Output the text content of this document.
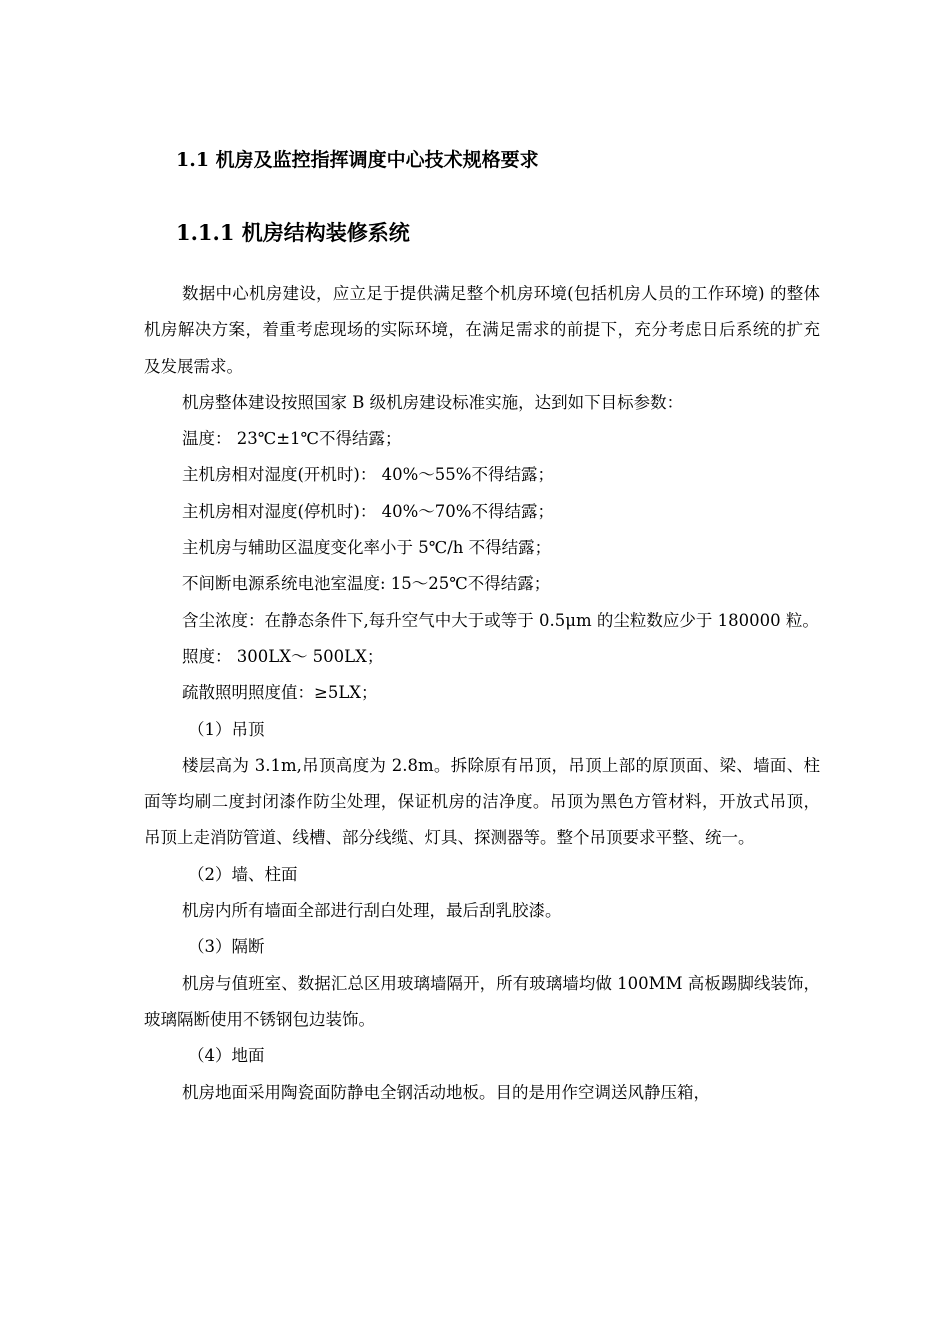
1.1 机房及监控指挥调度中心技术规格要求
1.1.1 机房结构装修系统

数据中心机房建设，应立足于提供满足整个机房环境(包括机房人员的工作环境) 的整体机房解决方案，着重考虑现场的实际环境，在满足需求的前提下，充分考虑日后系统的扩充及发展需求。

机房整体建设按照国家 B 级机房建设标准实施，达到如下目标参数：

温度： 23℃±1℃不得结露；

主机房相对湿度(开机时)： 40%～55%不得结露；

主机房相对湿度(停机时)： 40%～70%不得结露；

主机房与辅助区温度变化率小于 5℃/h 不得结露；

不间断电源系统电池室温度: 15～25℃不得结露；

含尘浓度：在静态条件下,每升空气中大于或等于 0.5μm 的尘粒数应少于 180000 粒。

照度： 300LX～ 500LX；

疏散照明照度值：≥5LX；

（1）吊顶

楼层高为 3.1m,吊顶高度为 2.8m。拆除原有吊顶，吊顶上部的原顶面、梁、墙面、柱面等均刷二度封闭漆作防尘处理，保证机房的洁净度。吊顶为黑色方管材料，开放式吊顶，吊顶上走消防管道、线槽、部分线缆、灯具、探测器等。整个吊顶要求平整、统一。

（2）墙、柱面

机房内所有墙面全部进行刮白处理，最后刮乳胶漆。

（3）隔断

机房与值班室、数据汇总区用玻璃墙隔开，所有玻璃墙均做 100MM 高板踢脚线装饰，玻璃隔断使用不锈钢包边装饰。

（4）地面

机房地面采用陶瓷面防静电全钢活动地板。目的是用作空调送风静压箱，
